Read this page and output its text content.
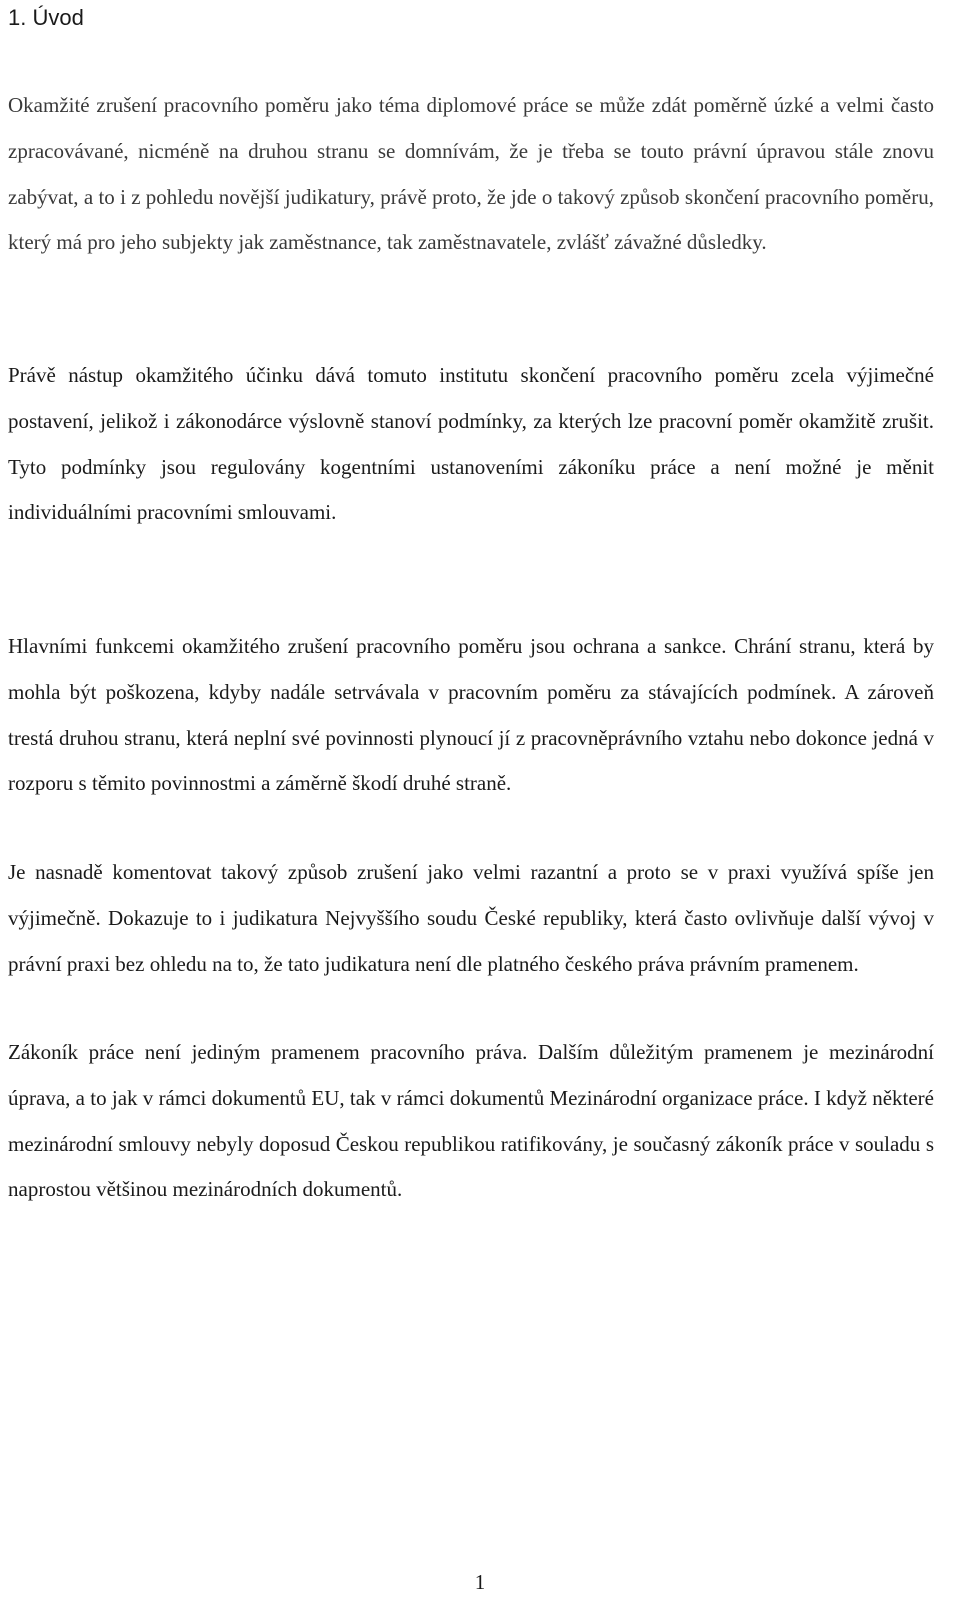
1. Úvod

Okamžité zrušení pracovního poměru jako téma diplomové práce se může zdát poměrně úzké a velmi často zpracovávané, nicméně na druhou stranu se domnívám, že je třeba se touto právní úpravou stále znovu zabývat, a to i z pohledu novější judikatury, právě proto, že jde o takový způsob skončení pracovního poměru, který má pro jeho subjekty jak zaměstnance, tak zaměstnavatele, zvlášť závažné důsledky.

Právě nástup okamžitého účinku dává tomuto institutu skončení pracovního poměru zcela výjimečné postavení, jelikož i zákonodárce výslovně stanoví podmínky, za kterých lze pracovní poměr okamžitě zrušit. Tyto podmínky jsou regulovány kogentními ustanoveními zákoníku práce a není možné je měnit individuálními pracovními smlouvami.

Hlavními funkcemi okamžitého zrušení pracovního poměru jsou ochrana a sankce. Chrání stranu, která by mohla být poškozena, kdyby nadále setrvávala v pracovním poměru za stávajících podmínek. A zároveň trestá druhou stranu, která neplní své povinnosti plynoucí jí z pracovněprávního vztahu nebo dokonce jedná v rozporu s těmito povinnostmi a záměrně škodí druhé straně.

Je nasnadě komentovat takový způsob zrušení jako velmi razantní a proto se v praxi využívá spíše jen výjimečně. Dokazuje to i judikatura Nejvyššího soudu České republiky, která často ovlivňuje další vývoj v právní praxi bez ohledu na to, že tato judikatura není dle platného českého práva právním pramenem.

Zákoník práce není jediným pramenem pracovního práva. Dalším důležitým pramenem je mezinárodní úprava, a to jak v rámci dokumentů EU, tak v rámci dokumentů Mezinárodní organizace práce. I když některé mezinárodní smlouvy nebyly doposud Českou republikou ratifikovány, je současný zákoník práce v souladu s naprostou většinou mezinárodních dokumentů.

1
